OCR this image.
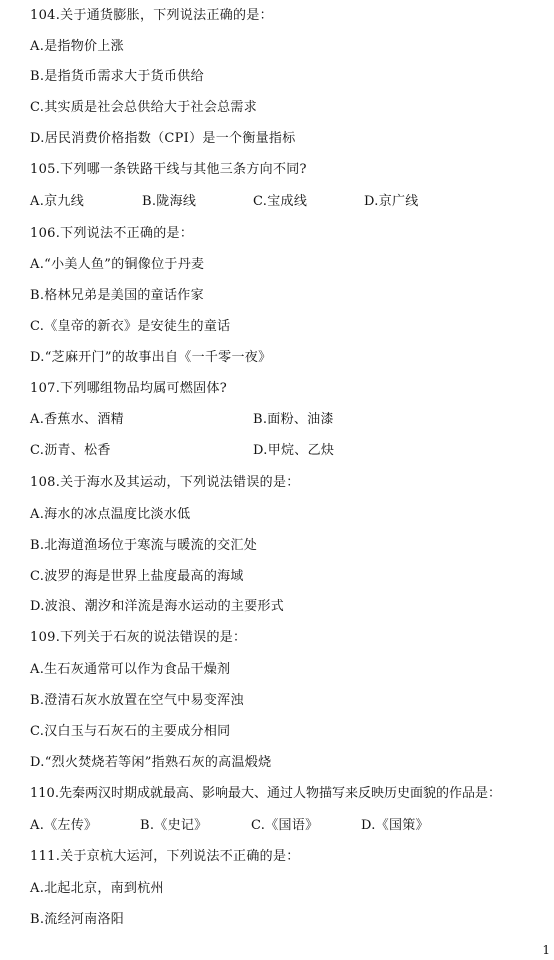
104.关于通货膨胀，下列说法正确的是：
A.是指物价上涨
B.是指货币需求大于货币供给
C.其实质是社会总供给大于社会总需求
D.居民消费价格指数（CPI）是一个衡量指标
105.下列哪一条铁路干线与其他三条方向不同?
A.京九线	B.陇海线	C.宝成线	D.京广线
106.下列说法不正确的是：
A.“小美人鱼”的铜像位于丹麦
B.格林兄弟是美国的童话作家
C.《皇帝的新衣》是安徒生的童话
D.“芝麻开门”的故事出自《一千零一夜》
107.下列哪组物品均属可燃固体?
A.香蕉水、酒精	B.面粉、油漆
C.沥青、松香	D.甲烷、乙炔
108.关于海水及其运动，下列说法错误的是：
A.海水的冰点温度比淡水低
B.北海道渔场位于寒流与暖流的交汇处
C.波罗的海是世界上盐度最高的海域
D.波浪、潮汐和洋流是海水运动的主要形式
109.下列关于石灰的说法错误的是：
A.生石灰通常可以作为食品干燥剂
B.澄清石灰水放置在空气中易变浑浊
C.汉白玉与石灰石的主要成分相同
D.“烈火焚烧若等闲”指熟石灰的高温煅烧
110.先秦两汉时期成就最高、影响最大、通过人物描写来反映历史面貌的作品是：
A.《左传》	B.《史记》	C.《国语》	D.《国策》
111.关于京杭大运河，下列说法不正确的是：
A.北起北京，南到杭州
B.流经河南洛阳
1
